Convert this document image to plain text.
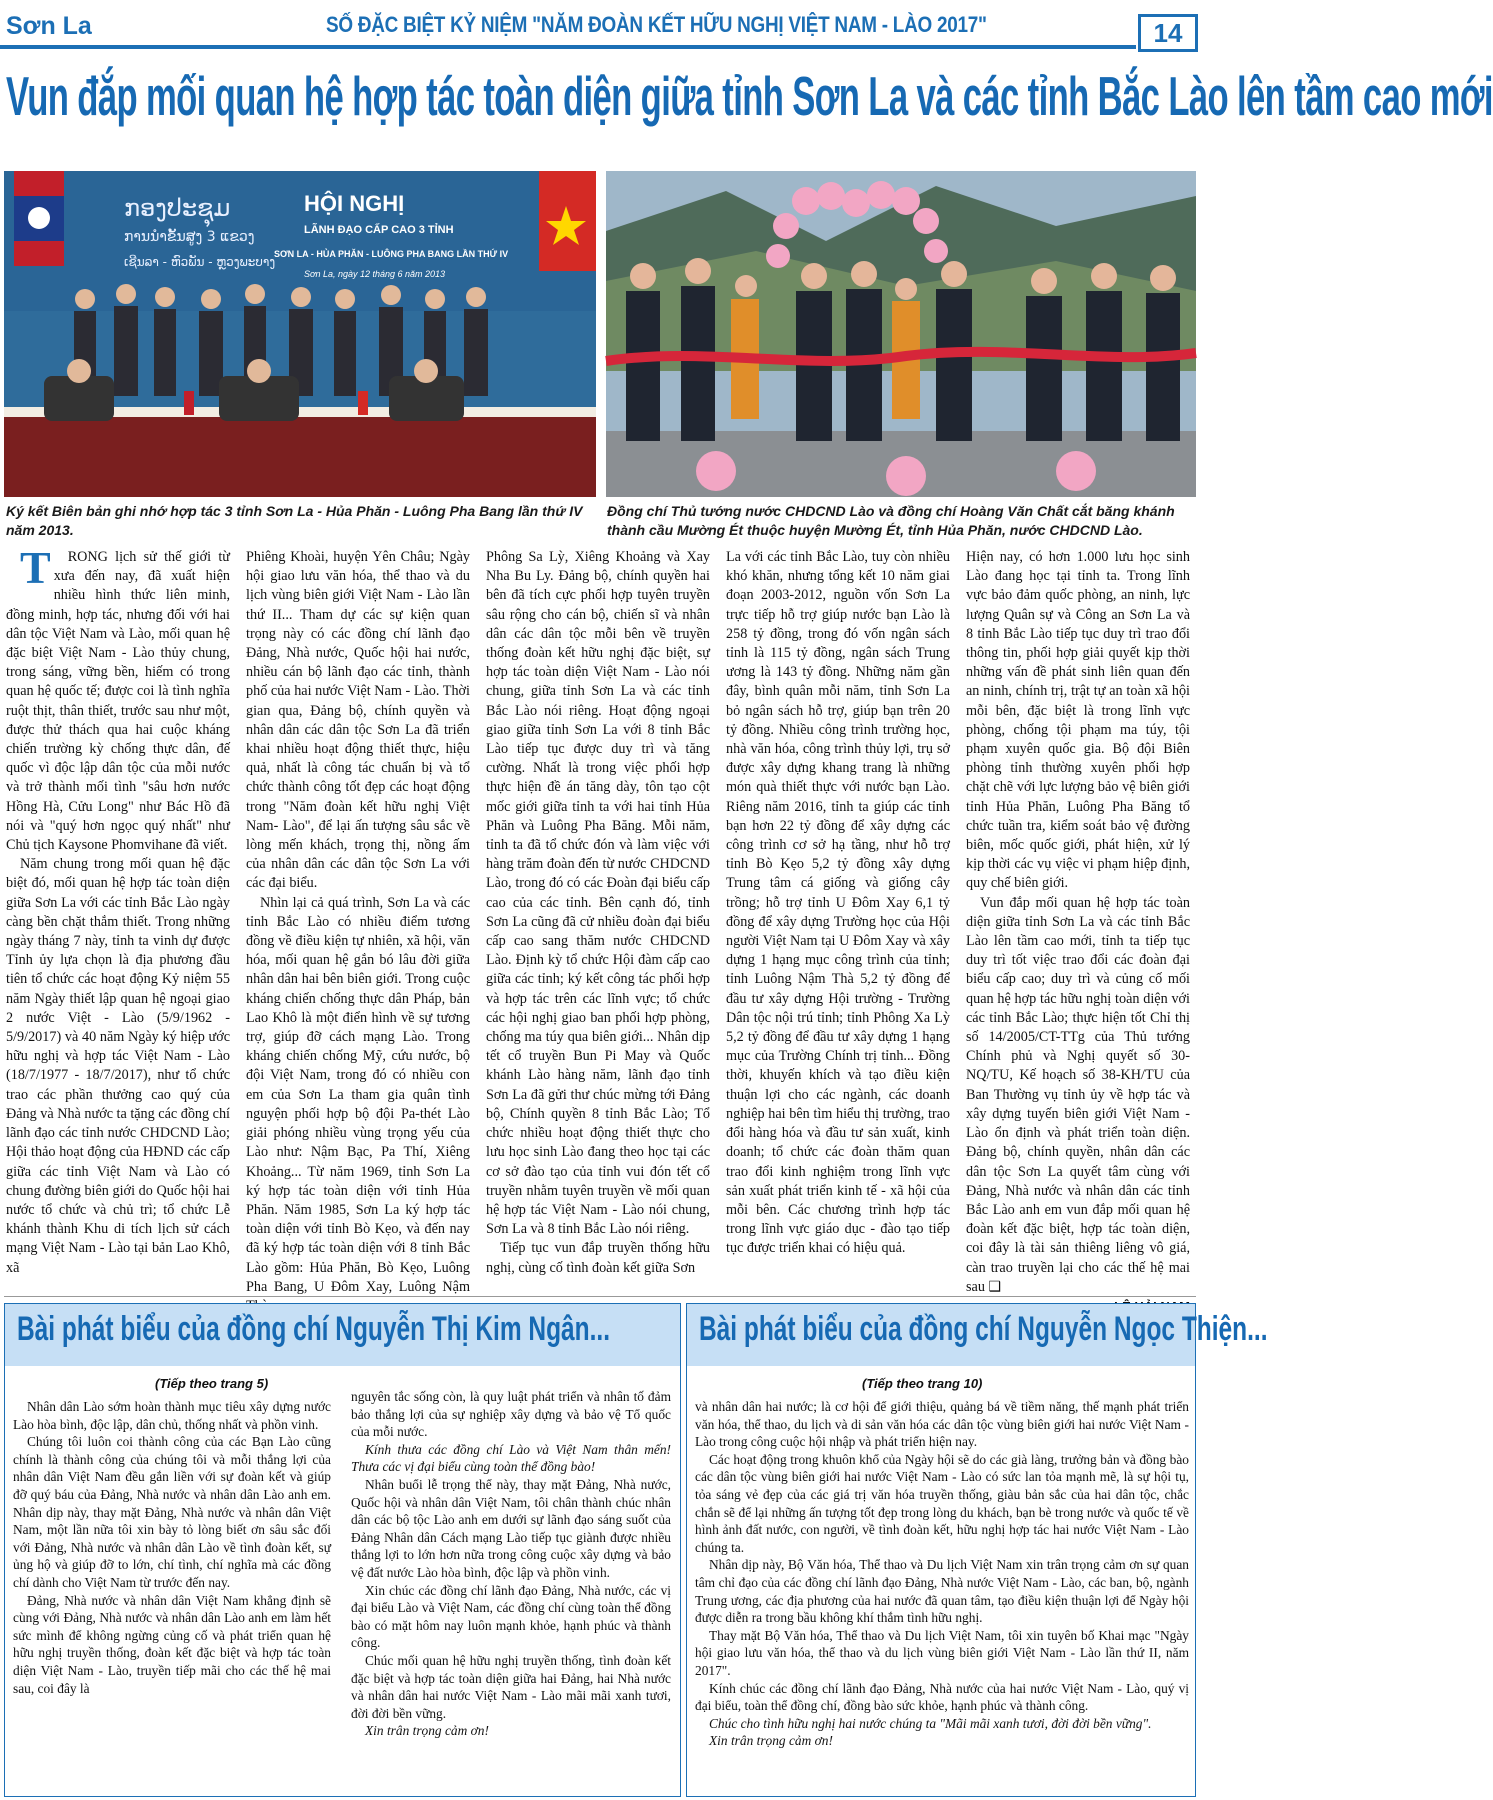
Sơn La	SỐ ĐẶC BIỆT KỶ NIỆM "NĂM ĐOÀN KẾT HỮU NGHỊ VIỆT NAM - LÀO 2017"	14
Vun đắp mối quan hệ hợp tác toàn diện giữa tỉnh Sơn La và các tỉnh Bắc Lào lên tầm cao mới
ກອງປະຊຸມ
ການນຳຂັ້ນສູງ 3 ແຂວງ
ເຊີນລາ - ຫົວພັນ - ຫຼວງພະບາງ
HỘI NGHỊ
LÃNH ĐẠO CẤP CAO 3 TỈNH
SƠN LA - HỦA PHĂN - LUÔNG PHA BANG LẦN THỨ IV
Sơn La, ngày 12 tháng 6 năm 2013
Ký kết Biên bản ghi nhớ hợp tác 3 tỉnh Sơn La - Hủa Phăn - Luông Pha Bang lần thứ IV năm 2013.
Đồng chí Thủ tướng nước CHDCND Lào và đồng chí Hoàng Văn Chất cắt băng khánh thành cầu Mường Ét thuộc huyện Mường Ét, tỉnh Hủa Phăn, nước CHDCND Lào.

TRONG lịch sử thế giới từ xưa đến nay, đã xuất hiện nhiều hình thức liên minh, đồng minh, hợp tác, nhưng đối với hai dân tộc Việt Nam và Lào, mối quan hệ đặc biệt Việt Nam - Lào thủy chung, trong sáng, vững bền, hiếm có trong quan hệ quốc tế; được coi là tình nghĩa ruột thịt, thân thiết, trước sau như một, được thử thách qua hai cuộc kháng chiến trường kỳ chống thực dân, đế quốc vì độc lập dân tộc của mỗi nước và trở thành mối tình "sâu hơn nước Hồng Hà, Cửu Long" như Bác Hồ đã nói và "quý hơn ngọc quý nhất" như Chủ tịch Kaysone Phomvihane đã viết.

Năm chung trong mối quan hệ đặc biệt đó, mối quan hệ hợp tác toàn diện giữa Sơn La với các tỉnh Bắc Lào ngày càng bền chặt thắm thiết. Trong những ngày tháng 7 này, tỉnh ta vinh dự được Tỉnh ủy lựa chọn là địa phương đầu tiên tổ chức các hoạt động Kỷ niệm 55 năm Ngày thiết lập quan hệ ngoại giao 2 nước Việt - Lào (5/9/1962 - 5/9/2017) và 40 năm Ngày ký hiệp ước hữu nghị và hợp tác Việt Nam - Lào (18/7/1977 - 18/7/2017), như tổ chức trao các phần thưởng cao quý của Đảng và Nhà nước ta tặng các đồng chí lãnh đạo các tỉnh nước CHDCND Lào; Hội thảo hoạt động của HĐND các cấp giữa các tỉnh Việt Nam và Lào có chung đường biên giới do Quốc hội hai nước tổ chức và chủ trì; tổ chức Lễ khánh thành Khu di tích lịch sử cách mạng Việt Nam - Lào tại bản Lao Khô, xã

Phiêng Khoài, huyện Yên Châu; Ngày hội giao lưu văn hóa, thể thao và du lịch vùng biên giới Việt Nam - Lào lần thứ II... Tham dự các sự kiện quan trọng này có các đồng chí lãnh đạo Đảng, Nhà nước, Quốc hội hai nước, nhiều cán bộ lãnh đạo các tỉnh, thành phố của hai nước Việt Nam - Lào. Thời gian qua, Đảng bộ, chính quyền và nhân dân các dân tộc Sơn La đã triển khai nhiều hoạt động thiết thực, hiệu quả, nhất là công tác chuẩn bị và tổ chức thành công tốt đẹp các hoạt động trong "Năm đoàn kết hữu nghị Việt Nam- Lào", để lại ấn tượng sâu sắc về lòng mến khách, trọng thị, nồng ấm của nhân dân các dân tộc Sơn La với các đại biểu.

Nhìn lại cả quá trình, Sơn La và các tỉnh Bắc Lào có nhiều điểm tương đồng về điều kiện tự nhiên, xã hội, văn hóa, mối quan hệ gắn bó lâu đời giữa nhân dân hai bên biên giới. Trong cuộc kháng chiến chống thực dân Pháp, bản Lao Khô là một điển hình về sự tương trợ, giúp đỡ cách mạng Lào. Trong kháng chiến chống Mỹ, cứu nước, bộ đội Việt Nam, trong đó có nhiều con em của Sơn La tham gia quân tình nguyện phối hợp bộ đội Pa-thét Lào giải phóng nhiều vùng trọng yếu của Lào như: Nậm Bạc, Pa Thí, Xiêng Khoảng... Từ năm 1969, tỉnh Sơn La ký hợp tác toàn diện với tỉnh Hủa Phăn. Năm 1985, Sơn La ký hợp tác toàn diện với tỉnh Bò Kẹo, và đến nay đã ký hợp tác toàn diện với 8 tỉnh Bắc Lào gồm: Hủa Phăn, Bò Kẹo, Luông Pha Bang, U Đôm Xay, Luông Nậm

Phông Sa Lỳ, Xiêng Khoảng và Xay Nha Bu Ly. Đảng bộ, chính quyền hai bên đã tích cực phối hợp tuyên truyền sâu rộng cho cán bộ, chiến sĩ và nhân dân các dân tộc mỗi bên về truyền thống đoàn kết hữu nghị đặc biệt, sự hợp tác toàn diện Việt Nam - Lào nói chung, giữa tỉnh Sơn La và các tỉnh Bắc Lào nói riêng. Hoạt động ngoại giao giữa tỉnh Sơn La với 8 tỉnh Bắc Lào tiếp tục được duy trì và tăng cường. Nhất là trong việc phối hợp thực hiện đề án tăng dày, tôn tạo cột mốc giới giữa tỉnh ta với hai tỉnh Hủa Phăn và Luông Pha Băng. Mỗi năm, tỉnh ta đã tổ chức đón và làm việc với hàng trăm đoàn đến từ nước CHDCND Lào, trong đó có các Đoàn đại biểu cấp cao của các tỉnh. Bên cạnh đó, tỉnh Sơn La cũng đã cử nhiều đoàn đại biểu cấp cao sang thăm nước CHDCND Lào. Định kỳ tổ chức Hội đàm cấp cao giữa các tỉnh; ký kết công tác phối hợp và hợp tác trên các lĩnh vực; tổ chức các hội nghị giao ban phối hợp phòng, chống ma túy qua biên giới... Nhân dịp tết cổ truyền Bun Pi May và Quốc khánh Lào hàng năm, lãnh đạo tỉnh Sơn La đã gửi thư chúc mừng tới Đảng bộ, Chính quyền 8 tỉnh Bắc Lào; Tổ chức nhiều hoạt động thiết thực cho lưu học sinh Lào đang theo học tại các cơ sở đào tạo của tỉnh vui đón tết cổ truyền nhằm tuyên truyền về mối quan hệ hợp tác Việt Nam - Lào nói chung, Sơn La và 8 tỉnh Bắc Lào nói riêng.

Tiếp tục vun đắp truyền thống hữu nghị, cùng cố tình đoàn kết giữa Sơn

La với các tỉnh Bắc Lào, tuy còn nhiều khó khăn, nhưng tổng kết 10 năm giai đoạn 2003-2012, nguồn vốn Sơn La trực tiếp hỗ trợ giúp nước bạn Lào là 258 tỷ đồng, trong đó vốn ngân sách tỉnh là 115 tỷ đồng, ngân sách Trung ương là 143 tỷ đồng. Những năm gần đây, bình quân mỗi năm, tỉnh Sơn La bỏ ngân sách hỗ trợ, giúp bạn trên 20 tỷ đồng. Nhiều công trình trường học, nhà văn hóa, công trình thủy lợi, trụ sở được xây dựng khang trang là những món quà thiết thực với nước bạn Lào. Riêng năm 2016, tỉnh ta giúp các tỉnh bạn hơn 22 tỷ đồng để xây dựng các công trình cơ sở hạ tầng, như hỗ trợ tỉnh Bò Kẹo 5,2 tỷ đồng xây dựng Trung tâm cá giống và giống cây trồng; hỗ trợ tỉnh U Đôm Xay 6,1 tỷ đồng để xây dựng Trường học của Hội người Việt Nam tại U Đôm Xay và xây dựng 1 hạng mục công trình của tỉnh; tỉnh Luông Nậm Thà 5,2 tỷ đồng để đầu tư xây dựng Hội trường - Trường Dân tộc nội trú tỉnh; tỉnh Phông Xa Lỳ 5,2 tỷ đồng để đầu tư xây dựng 1 hạng mục của Trường Chính trị tỉnh... Đồng thời, khuyến khích và tạo điều kiện thuận lợi cho các ngành, các doanh nghiệp hai bên tìm hiểu thị trường, trao đổi hàng hóa và đầu tư sản xuất, kinh doanh; tổ chức các đoàn thăm quan trao đổi kinh nghiệm trong lĩnh vực sản xuất phát triển kinh tế - xã hội của mỗi bên. Các chương trình hợp tác trong lĩnh vực giáo dục - đào tạo tiếp tục được triển khai có hiệu quả.

Hiện nay, có hơn 1.000 lưu học sinh Lào đang học tại tỉnh ta. Trong lĩnh vực bảo đảm quốc phòng, an ninh, lực lượng Quân sự và Công an Sơn La và 8 tỉnh Bắc Lào tiếp tục duy trì trao đổi thông tin, phối hợp giải quyết kịp thời những vấn đề phát sinh liên quan đến an ninh, chính trị, trật tự an toàn xã hội mỗi bên, đặc biệt là trong lĩnh vực phòng, chống tội phạm ma túy, tội phạm xuyên quốc gia. Bộ đội Biên phòng tỉnh thường xuyên phối hợp chặt chẽ với lực lượng bảo vệ biên giới tỉnh Hủa Phăn, Luông Pha Băng tổ chức tuần tra, kiểm soát bảo vệ đường biên, mốc quốc giới, phát hiện, xử lý kịp thời các vụ việc vi phạm hiệp định, quy chế biên giới.

Vun đắp mối quan hệ hợp tác toàn diện giữa tỉnh Sơn La và các tỉnh Bắc Lào lên tầm cao mới, tỉnh ta tiếp tục duy trì tốt việc trao đổi các đoàn đại biểu cấp cao; duy trì và củng cố mối quan hệ hợp tác hữu nghị toàn diện với các tỉnh Bắc Lào; thực hiện tốt Chỉ thị số 14/2005/CT-TTg của Thủ tướng Chính phủ và Nghị quyết số 30-NQ/TU, Kế hoạch số 38-KH/TU của Ban Thường vụ tỉnh ủy về hợp tác và xây dựng tuyến biên giới Việt Nam - Lào ổn định và phát triển toàn diện. Đảng bộ, chính quyền, nhân dân các dân tộc Sơn La quyết tâm cùng với Đảng, Nhà nước và nhân dân các tỉnh Bắc Lào anh em vun đắp mối quan hệ đoàn kết đặc biệt, hợp tác toàn diện, coi đây là tài sản thiêng liêng vô giá, càn trao truyền lại cho các thế hệ mai sau ❑

Bài phát biểu của đồng chí Nguyễn Thị Kim Ngân...
(Tiếp theo trang 5)

Nhân dân Lào sớm hoàn thành mục tiêu xây dựng nước Lào hòa bình, độc lập, dân chủ, thống nhất và phồn vinh.

Chúng tôi luôn coi thành công của các Bạn Lào cũng chính là thành công của chúng tôi và mỗi thắng lợi của nhân dân Việt Nam đều gắn liền với sự đoàn kết và giúp đỡ quý báu của Đảng, Nhà nước và nhân dân Lào anh em. Nhân dịp này, thay mặt Đảng, Nhà nước và nhân dân Việt Nam, một lần nữa tôi xin bày tỏ lòng biết ơn sâu sắc đối với Đảng, Nhà nước và nhân dân Lào về tình đoàn kết, sự ủng hộ và giúp đỡ to lớn, chí tình, chí nghĩa mà các đồng chí dành cho Việt Nam từ trước đến nay.

Đảng, Nhà nước và nhân dân Việt Nam khẳng định sẽ cùng với Đảng, Nhà nước và nhân dân Lào anh em làm hết sức mình để không ngừng củng cố và phát triển quan hệ hữu nghị truyền thống, đoàn kết đặc biệt và hợp tác toàn diện Việt Nam - Lào, truyền tiếp mãi cho các thế hệ mai sau, coi đây là

nguyên tắc sống còn, là quy luật phát triển và nhân tố đảm bảo thắng lợi của sự nghiệp xây dựng và bảo vệ Tổ quốc của mỗi nước.

Kính thưa các đồng chí Lào và Việt Nam thân mến! Thưa các vị đại biểu cùng toàn thể đồng bào!

Nhân buổi lễ trọng thể này, thay mặt Đảng, Nhà nước, Quốc hội và nhân dân Việt Nam, tôi chân thành chúc nhân dân các bộ tộc Lào anh em dưới sự lãnh đạo sáng suốt của Đảng Nhân dân Cách mạng Lào tiếp tục giành được nhiều thắng lợi to lớn hơn nữa trong công cuộc xây dựng và bảo vệ đất nước Lào hòa bình, độc lập và phồn vinh.

Xin chúc các đồng chí lãnh đạo Đảng, Nhà nước, các vị đại biểu Lào và Việt Nam, các đồng chí cùng toàn thể đồng bào có mặt hôm nay luôn mạnh khỏe, hạnh phúc và thành công.

Chúc mối quan hệ hữu nghị truyền thống, tình đoàn kết đặc biệt và hợp tác toàn diện giữa hai Đảng, hai Nhà nước và nhân dân hai nước Việt Nam - Lào mãi mãi xanh tươi, đời đời bền vững.

Xin trân trọng cảm ơn!

Bài phát biểu của đồng chí Nguyễn Ngọc Thiện...
(Tiếp theo trang 10)

và nhân dân hai nước; là cơ hội để giới thiệu, quảng bá về tiềm năng, thế mạnh phát triển văn hóa, thể thao, du lịch và di sản văn hóa các dân tộc vùng biên giới hai nước Việt Nam - Lào trong công cuộc hội nhập và phát triển hiện nay.

Các hoạt động trong khuôn khổ của Ngày hội sẽ do các già làng, trưởng bản và đồng bào các dân tộc vùng biên giới hai nước Việt Nam - Lào có sức lan tỏa mạnh mẽ, là sự hội tụ, tỏa sáng vẻ đẹp của các giá trị văn hóa truyền thống, giàu bản sắc của hai dân tộc, chắc chắn sẽ để lại những ấn tượng tốt đẹp trong lòng du khách, bạn bè trong nước và quốc tế về hình ảnh đất nước, con người, về tình đoàn kết, hữu nghị hợp tác hai nước Việt Nam - Lào chúng ta.

Nhân dịp này, Bộ Văn hóa, Thể thao và Du lịch Việt Nam xin trân trọng cảm ơn sự quan tâm chỉ đạo của các đồng chí lãnh đạo Đảng, Nhà nước Việt Nam - Lào, các ban, bộ, ngành Trung ương, các địa phương của hai nước đã quan tâm, tạo điều kiện thuận lợi để Ngày hội được diễn ra trong bầu không khí thắm tình hữu nghị.

Thay mặt Bộ Văn hóa, Thể thao và Du lịch Việt Nam, tôi xin tuyên bố Khai mạc "Ngày hội giao lưu văn hóa, thể thao và du lịch vùng biên giới Việt Nam - Lào lần thứ II, năm 2017".

Kính chúc các đồng chí lãnh đạo Đảng, Nhà nước của hai nước Việt Nam - Lào, quý vị đại biểu, toàn thể đồng chí, đồng bào sức khỏe, hạnh phúc và thành công.

Chúc cho tình hữu nghị hai nước chúng ta "Mãi mãi xanh tươi, đời đời bền vững".

Xin trân trọng cảm ơn!
